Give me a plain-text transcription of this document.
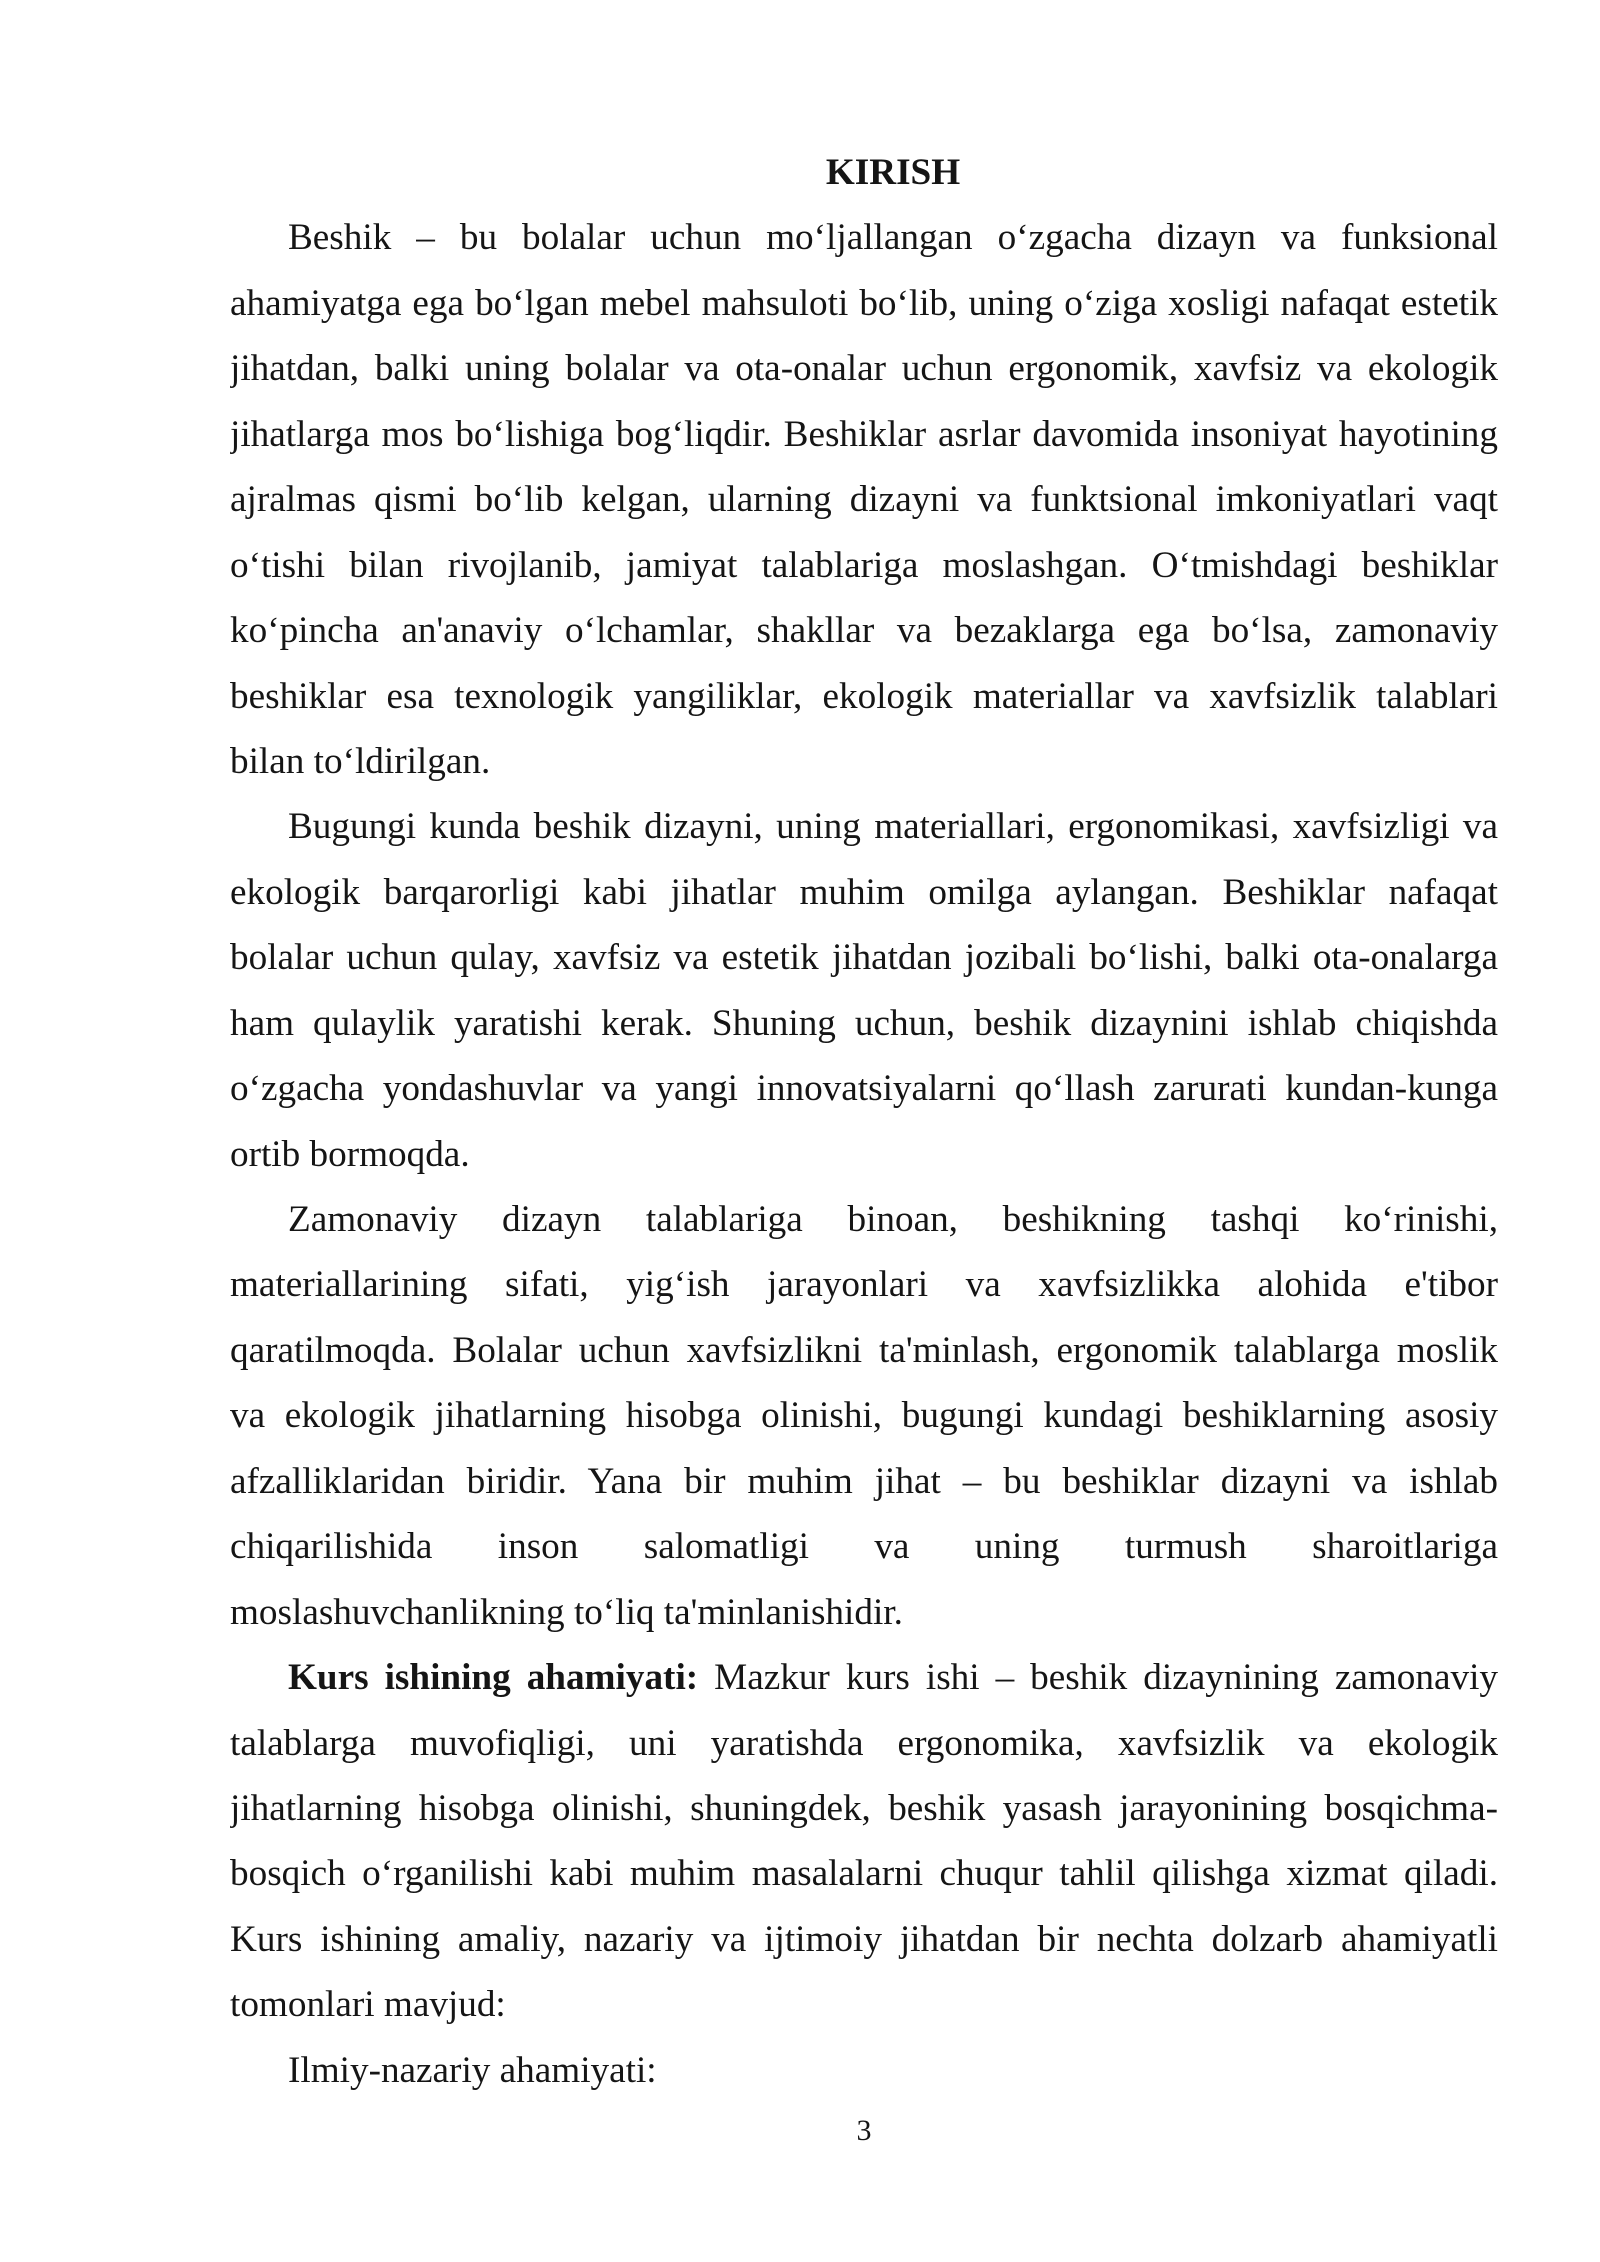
KIRISH
Beshik – bu bolalar uchun mo‘ljallangan o‘zgacha dizayn va funksional
ahamiyatga ega bo‘lgan mebel mahsuloti bo‘lib, uning o‘ziga xosligi nafaqat estetik
jihatdan, balki uning bolalar va ota-onalar uchun ergonomik, xavfsiz va ekologik
jihatlarga mos bo‘lishiga bog‘liqdir. Beshiklar asrlar davomida insoniyat hayotining
ajralmas qismi bo‘lib kelgan, ularning dizayni va funktsional imkoniyatlari vaqt
o‘tishi bilan rivojlanib, jamiyat talablariga moslashgan. O‘tmishdagi beshiklar
ko‘pincha an'anaviy o‘lchamlar, shakllar va bezaklarga ega bo‘lsa, zamonaviy
beshiklar esa texnologik yangiliklar, ekologik materiallar va xavfsizlik talablari
bilan to‘ldirilgan.
Bugungi kunda beshik dizayni, uning materiallari, ergonomikasi, xavfsizligi va
ekologik barqarorligi kabi jihatlar muhim omilga aylangan. Beshiklar nafaqat
bolalar uchun qulay, xavfsiz va estetik jihatdan jozibali bo‘lishi, balki ota-onalarga
ham qulaylik yaratishi kerak. Shuning uchun, beshik dizaynini ishlab chiqishda
o‘zgacha yondashuvlar va yangi innovatsiyalarni qo‘llash zarurati kundan-kunga
ortib bormoqda.
Zamonaviy dizayn talablariga binoan, beshikning tashqi ko‘rinishi,
materiallarining sifati, yig‘ish jarayonlari va xavfsizlikka alohida e'tibor
qaratilmoqda. Bolalar uchun xavfsizlikni ta'minlash, ergonomik talablarga moslik
va ekologik jihatlarning hisobga olinishi, bugungi kundagi beshiklarning asosiy
afzalliklaridan biridir. Yana bir muhim jihat – bu beshiklar dizayni va ishlab
chiqarilishida inson salomatligi va uning turmush sharoitlariga
moslashuvchanlikning to‘liq ta'minlanishidir.
Kurs ishining ahamiyati: Mazkur kurs ishi – beshik dizaynining zamonaviy
talablarga muvofiqligi, uni yaratishda ergonomika, xavfsizlik va ekologik
jihatlarning hisobga olinishi, shuningdek, beshik yasash jarayonining bosqichma-
bosqich o‘rganilishi kabi muhim masalalarni chuqur tahlil qilishga xizmat qiladi.
Kurs ishining amaliy, nazariy va ijtimoiy jihatdan bir nechta dolzarb ahamiyatli
tomonlari mavjud:
Ilmiy-nazariy ahamiyati:
3
